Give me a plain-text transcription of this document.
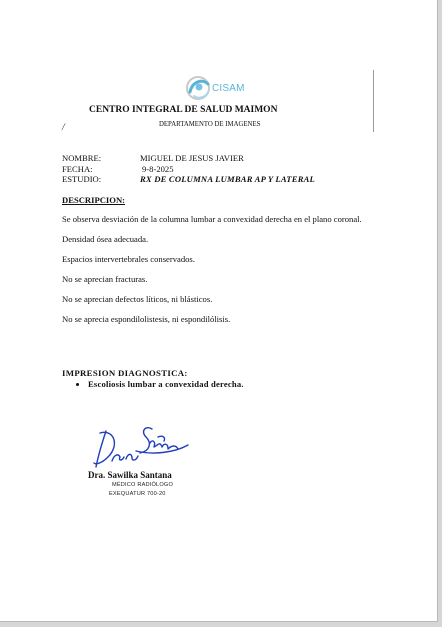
CISAM
CENTRO INTEGRAL DE SALUD MAIMON
DEPARTAMENTO DE IMAGENES
/
NOMBRE:	MIGUEL DE JESUS JAVIER
FECHA:	9-8-2025
ESTUDIO:	RX DE COLUMNA LUMBAR AP Y LATERAL
DESCRIPCION:

Se observa desviación de la columna lumbar a convexidad derecha en el plano coronal.

Densidad ósea adecuada.

Espacios intervertebrales conservados.

No se aprecian fracturas.

No se aprecian defectos líticos, ni blásticos.

No se aprecia espondilolistesis, ni espondilólisis.

IMPRESION DIAGNOSTICA:
• Escoliosis lumbar a convexidad derecha.
Dra. Sawilka Santana
MÉDICO RADIÓLOGO
EXEQUATUR 700-20
